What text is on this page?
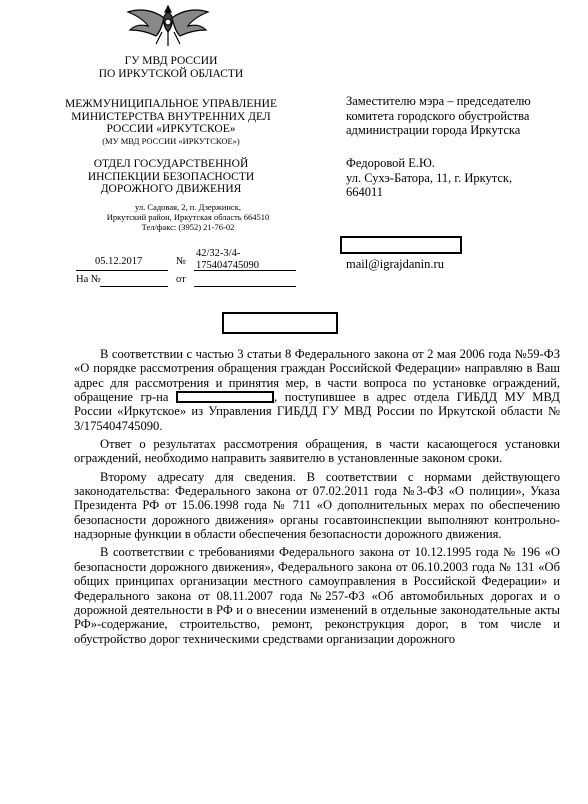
ГУ МВД РОССИИ
ПО ИРКУТСКОЙ ОБЛАСТИ
МЕЖМУНИЦИПАЛЬНОЕ УПРАВЛЕНИЕ
МИНИСТЕРСТВА ВНУТРЕННИХ ДЕЛ
РОССИИ «ИРКУТСКОЕ»
(МУ МВД РОССИИ «ИРКУТСКОЕ»)
ОТДЕЛ ГОСУДАРСТВЕННОЙ
ИНСПЕКЦИИ БЕЗОПАСНОСТИ
ДОРОЖНОГО ДВИЖЕНИЯ
ул. Садовая, 2, п. Дзержинск,
Иркутский район, Иркутская область 664510
Тел/факс: (3952) 21-76-02
05.12.2017	№
42/32-3/4-
175404745090
На №	от
Заместителю мэра – председателю
комитета городского обустройства
администрации города Иркутска
Федоровой Е.Ю.
ул. Сухэ-Батора, 11, г. Иркутск,
664011
mail@igrajdanin.ru

В соответствии с частью 3 статьи 8 Федерального закона от 2 мая 2006 года №59-ФЗ «О порядке рассмотрения обращения граждан Российской Федерации» направляю в Ваш адрес для рассмотрения и принятия мер, в части вопроса по установке ограждений, обращение гр-на	, поступившее в адрес отдела ГИБДД МУ МВД России «Иркутское» из Управления ГИБДД ГУ МВД России по Иркутской области № 3/175404745090.

Ответ о результатах рассмотрения обращения, в части касающегося установки ограждений, необходимо направить заявителю в установленные законом сроки.

Второму адресату для сведения. В соответствии с нормами действующего законодательства: Федерального закона от 07.02.2011 года №3-ФЗ «О полиции», Указа Президента РФ от 15.06.1998 года № 711 «О дополнительных мерах по обеспечению безопасности дорожного движения» органы госавтоинспекции выполняют контрольно-надзорные функции в области обеспечения безопасности дорожного движения.

В соответствии с требованиями Федерального закона от 10.12.1995 года № 196 «О безопасности дорожного движения», Федерального закона от 06.10.2003 года № 131 «Об общих принципах организации местного самоуправления в Российской Федерации» и Федерального закона от 08.11.2007 года №257-ФЗ «Об автомобильных дорогах и о дорожной деятельности в РФ и о внесении изменений в отдельные законодательные акты РФ»-содержание, строительство, ремонт, реконструкция дорог, в том числе и обустройство дорог техническими средствами организации дорожного
